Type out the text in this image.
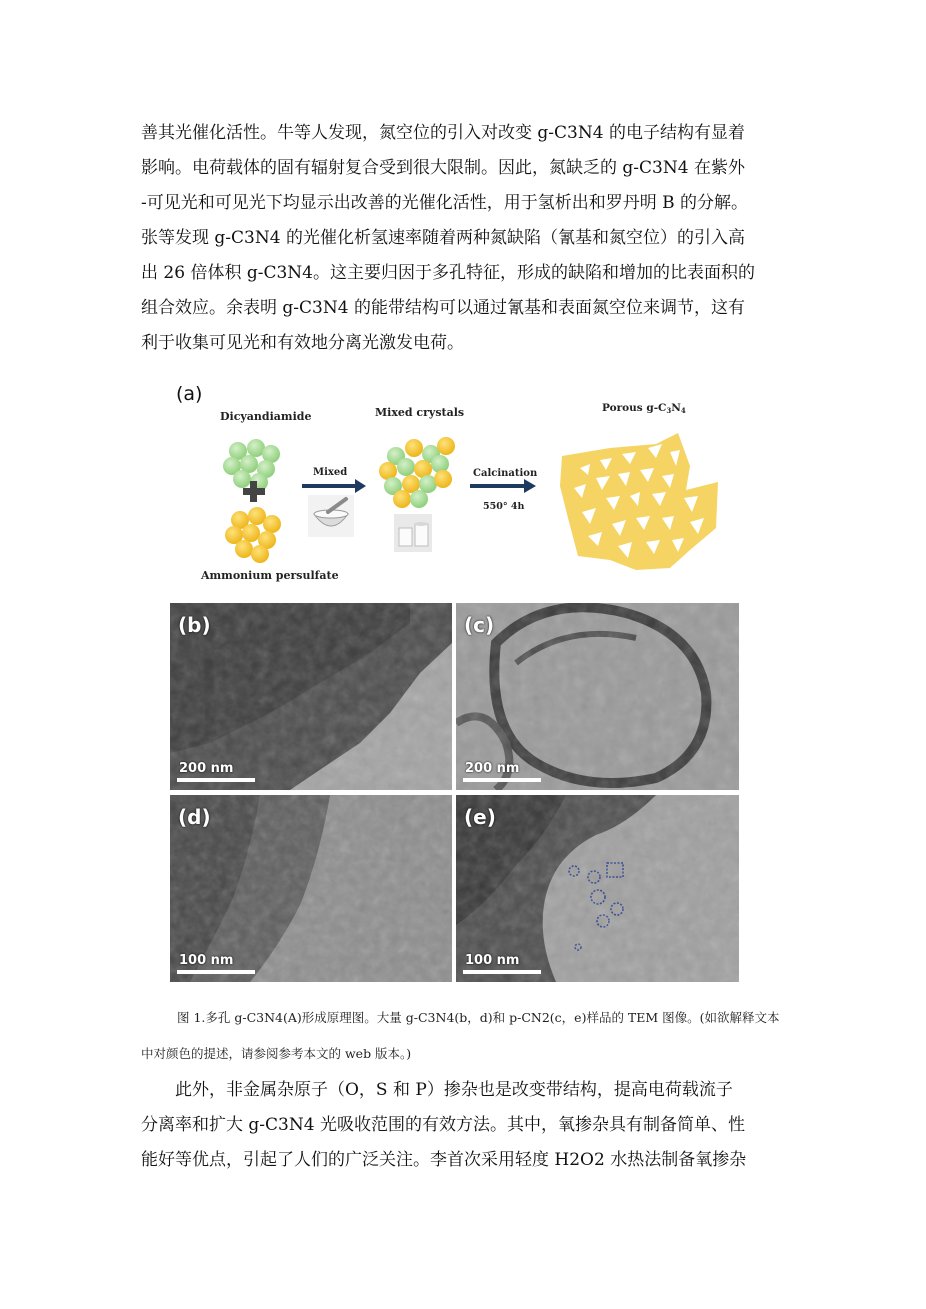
善其光催化活性。牛等人发现，氮空位的引入对改变 g-C3N4 的电子结构有显着
影响。电荷载体的固有辐射复合受到很大限制。因此，氮缺乏的 g-C3N4 在紫外
-可见光和可见光下均显示出改善的光催化活性，用于氢析出和罗丹明 B 的分解。
张等发现 g-C3N4 的光催化析氢速率随着两种氮缺陷（氰基和氮空位）的引入高
出 26 倍体积 g-C3N4。这主要归因于多孔特征，形成的缺陷和增加的比表面积的
组合效应。余表明 g-C3N4 的能带结构可以通过氰基和表面氮空位来调节，这有
利于收集可见光和有效地分离光激发电荷。
(a)
Dicyandiamide
Ammonium persulfate
Mixed
Mixed crystals
Calcination
550° 4h
Porous g-C3N4
(b)
200 nm
(c)
200 nm
(d)
100 nm
(e)
100 nm
图 1.多孔 g-C3N4(A)形成原理图。大量 g-C3N4(b，d)和 p-CN2(c，e)样品的 TEM 图像。(如欲解释文本
中对颜色的提述，请参阅参考本文的 web 版本。)
此外，非金属杂原子（O，S 和 P）掺杂也是改变带结构，提高电荷载流子
分离率和扩大 g-C3N4 光吸收范围的有效方法。其中，氧掺杂具有制备简单、性
能好等优点，引起了人们的广泛关注。李首次采用轻度 H2O2 水热法制备氧掺杂
